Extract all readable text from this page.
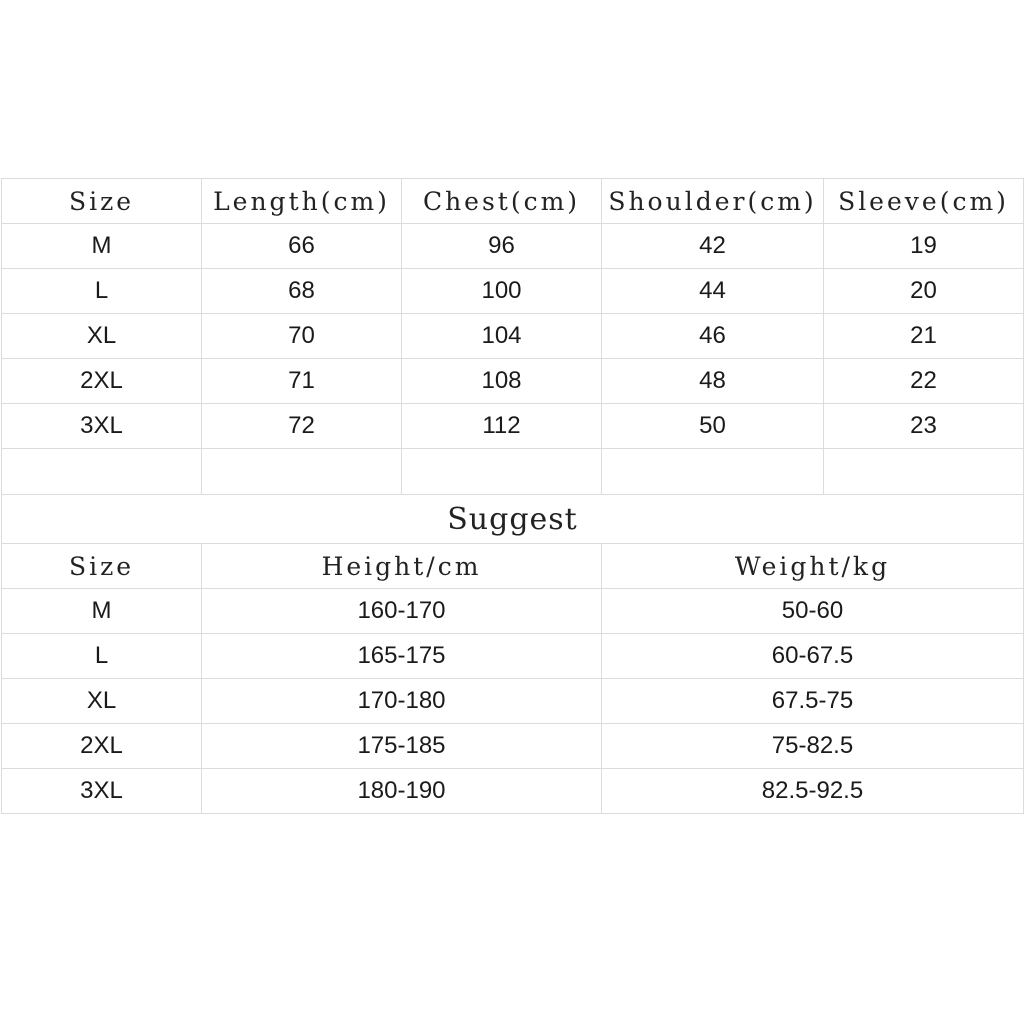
Size	Length(cm)	Chest(cm)	Shoulder(cm)	Sleeve(cm)
M	66	96	42	19
L	68	100	44	20
XL	70	104	46	21
2XL	71	108	48	22
3XL	72	112	50	23

Suggest				
Size	Height/cm		Weight/kg	
M	160-170		50-60	
L	165-175		60-67.5	
XL	170-180		67.5-75	
2XL	175-185		75-82.5	
3XL	180-190		82.5-92.5	
